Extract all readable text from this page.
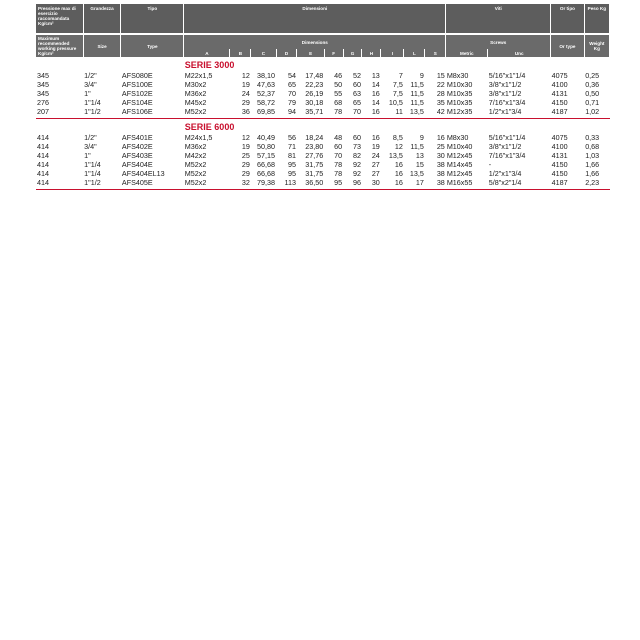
Pressione max di esercizio raccomandata Kg/cm²	Grandezza	Tipo	Dimensioni											Viti		Or tipo	Peso Kg
Maximum recommended working pressure Kg/cm²	Size	Type	Dimensions											Screws		Or type	Weight Kg
			A	B	C	D	E	F	G	H	I	L	S	Metric	Unc		
			SERIE 3000														
345	1/2"	AFS080E	M22x1,5	12	38,10	54	17,48	46	52	13	7	9	15	M8x30	5/16"x1"1/4	4075	0,25
345	3/4"	AFS100E	M30x2	19	47,63	65	22,23	50	60	14	7,5	11,5	22	M10x30	3/8"x1"1/2	4100	0,36
345	1"	AFS102E	M36x2	24	52,37	70	26,19	55	63	16	7,5	11,5	28	M10x35	3/8"x1"1/2	4131	0,50
276	1"1/4	AFS104E	M45x2	29	58,72	79	30,18	68	65	14	10,5	11,5	35	M10x35	7/16"x1"3/4	4150	0,71
207	1"1/2	AFS106E	M52x2	36	69,85	94	35,71	78	70	16	11	13,5	42	M12x35	1/2"x1"3/4	4187	1,02

			SERIE 6000														
414	1/2"	AFS401E	M24x1,5	12	40,49	56	18,24	48	60	16	8,5	9	16	M8x30	5/16"x1"1/4	4075	0,33
414	3/4"	AFS402E	M36x2	19	50,80	71	23,80	60	73	19	12	11,5	25	M10x40	3/8"x1"1/2	4100	0,68
414	1"	AFS403E	M42x2	25	57,15	81	27,76	70	82	24	13,5	13	30	M12x45	7/16"x1"3/4	4131	1,03
414	1"1/4	AFS404E	M52x2	29	66,68	95	31,75	78	92	27	16	15	38	M14x45	-	4150	1,66
414	1"1/4	AFS404EL13	M52x2	29	66,68	95	31,75	78	92	27	16	13,5	38	M12x45	1/2"x1"3/4	4150	1,66
414	1"1/2	AFS405E	M52x2	32	79,38	113	36,50	95	96	30	16	17	38	M16x55	5/8"x2"1/4	4187	2,23
